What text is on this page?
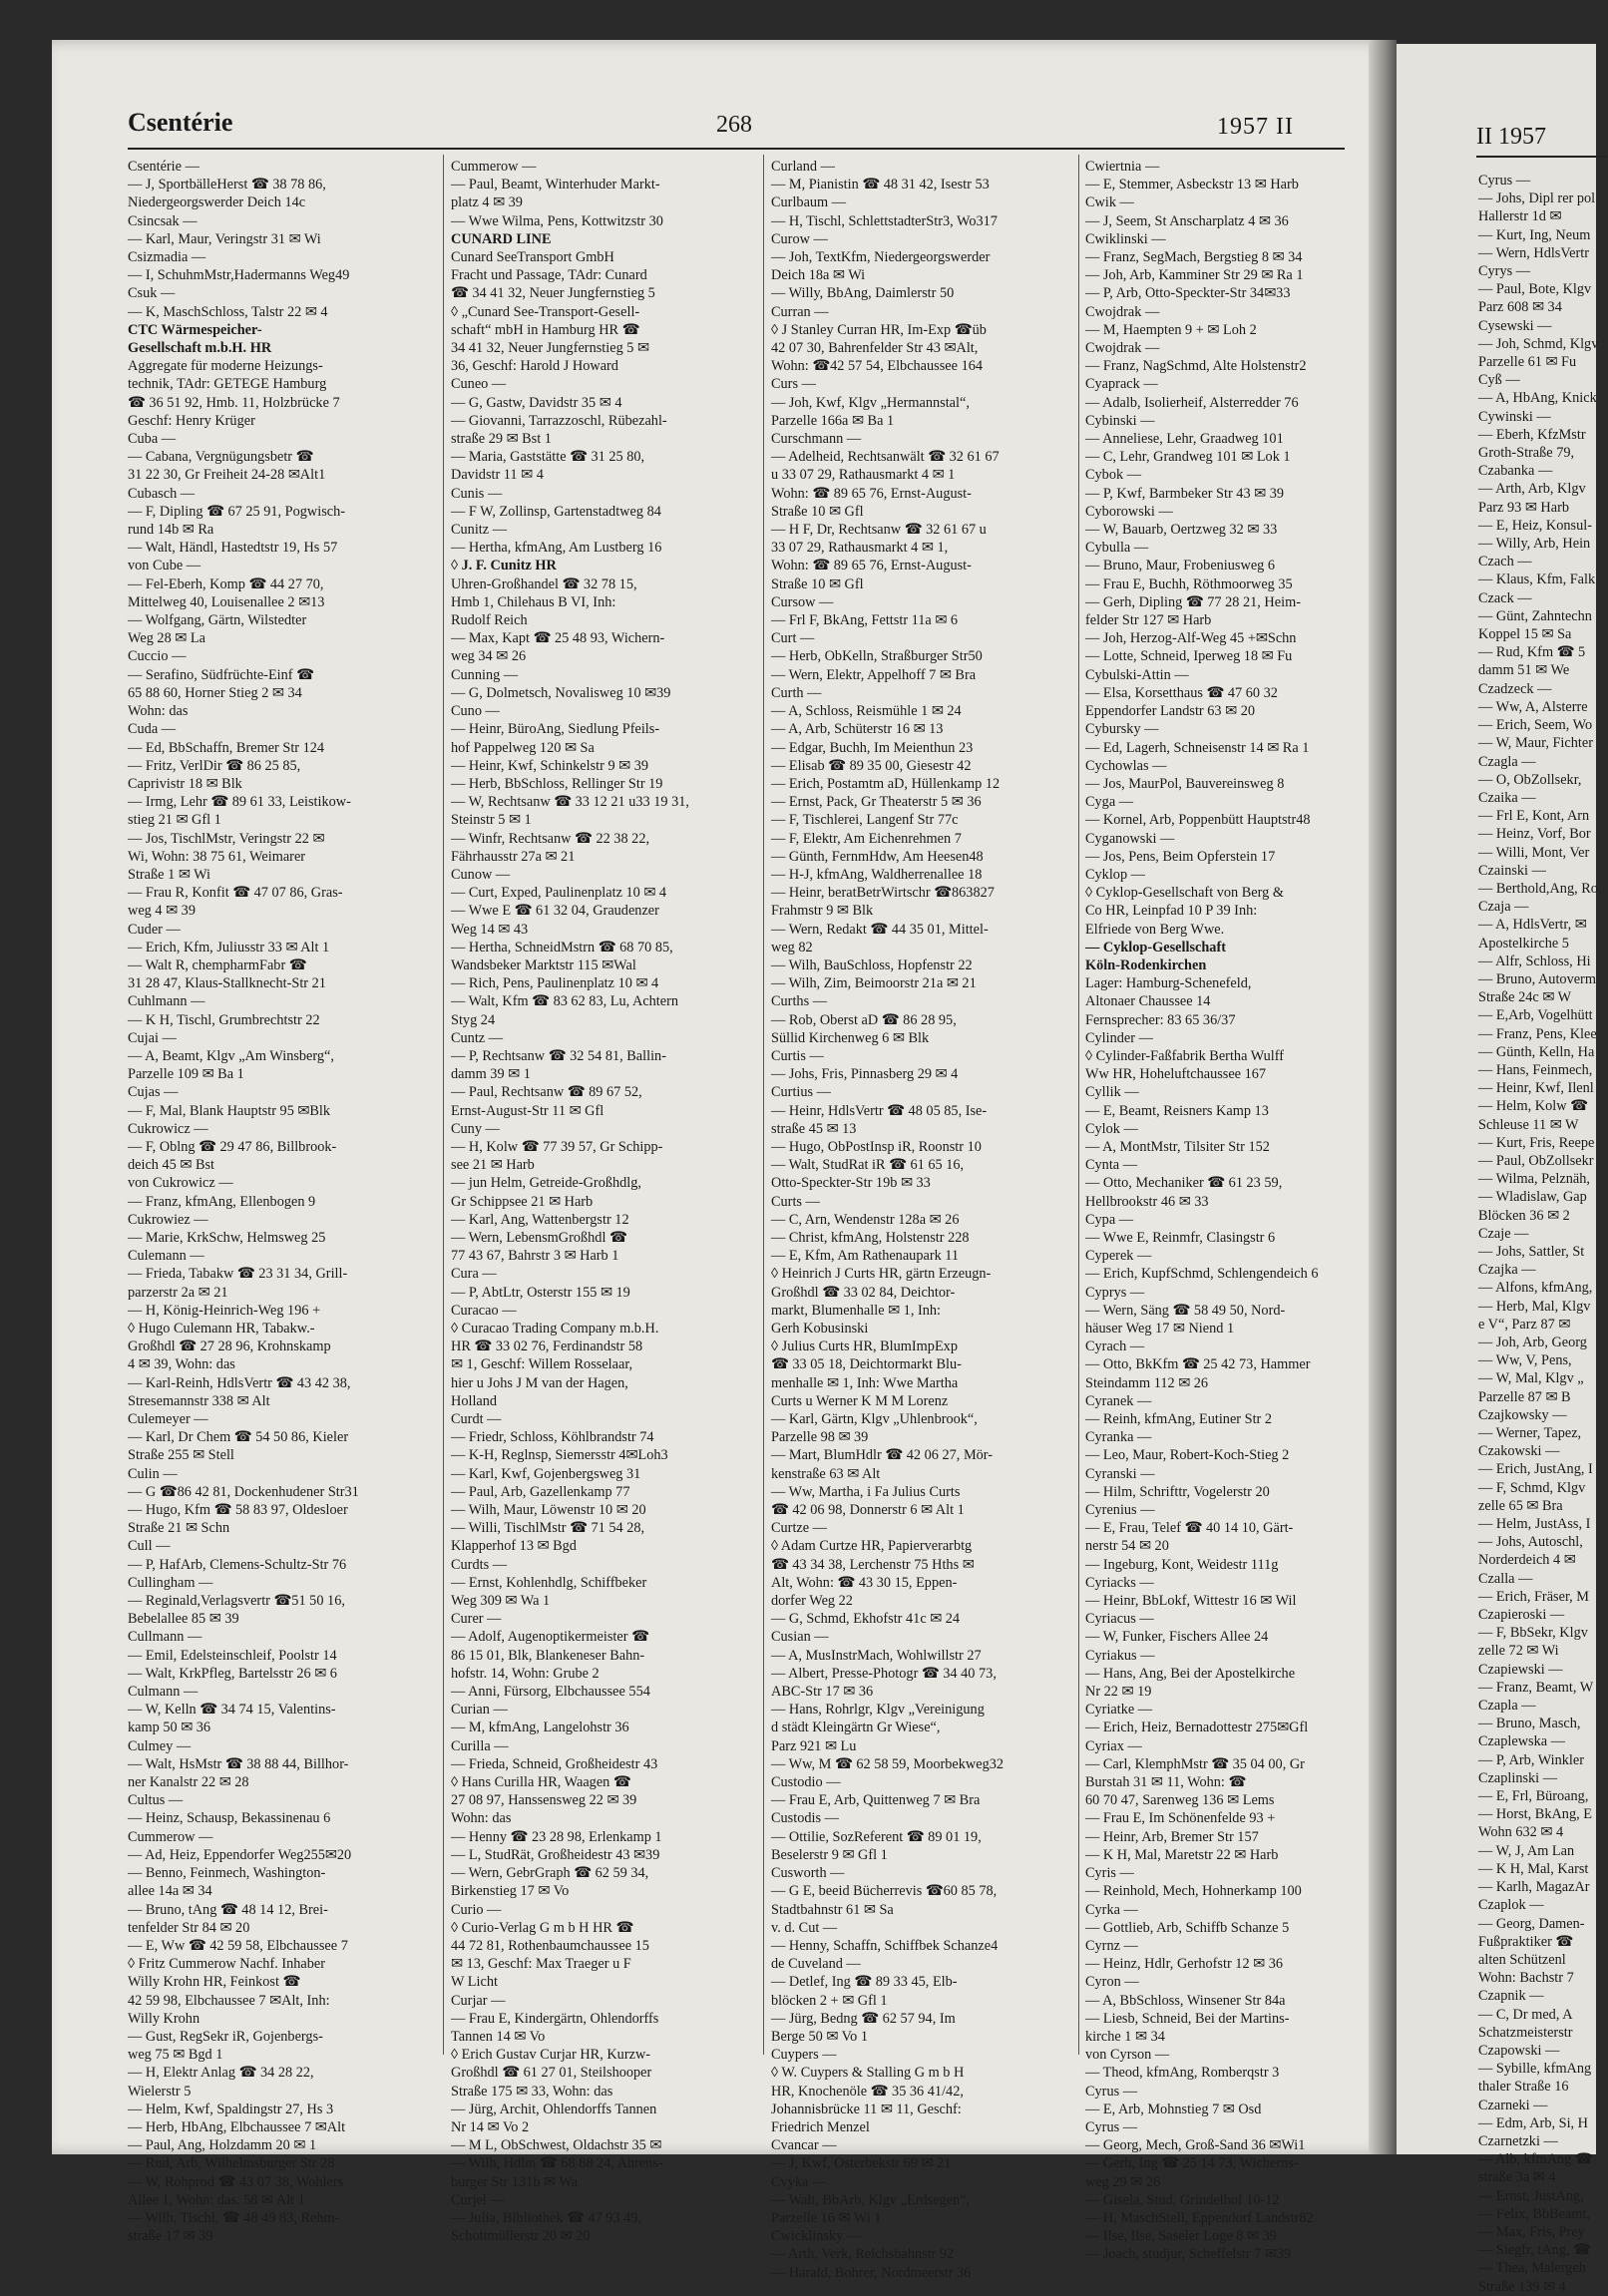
Csentérie	268	1957 II
Csentérie —
— J, SportbälleHerst ☎ 38 78 86,
Niedergeorgswerder Deich 14c
Csincsak —
— Karl, Maur, Veringstr 31 ✉ Wi
Csizmadia —
— I, SchuhmMstr,Hadermanns Weg49
Csuk —
— K, MaschSchloss, Talstr 22 ✉ 4
CTC Wärmespeicher-
Gesellschaft m.b.H. HR
Aggregate für moderne Heizungs-
technik, TAdr: GETEGE Hamburg
☎ 36 51 92, Hmb. 11, Holzbrücke 7
Geschf: Henry Krüger
Cuba —
— Cabana, Vergnügungsbetr ☎
31 22 30, Gr Freiheit 24-28 ✉Alt1
Cubasch —
— F, Dipling ☎ 67 25 91, Pogwisch-
rund 14b ✉ Ra
— Walt, Händl, Hastedtstr 19, Hs 57
von Cube —
— Fel-Eberh, Komp ☎ 44 27 70,
Mittelweg 40, Louisenallee 2 ✉13
— Wolfgang, Gärtn, Wilstedter
Weg 28 ✉ La
Cuccio —
— Serafino, Südfrüchte-Einf ☎
65 88 60, Horner Stieg 2 ✉ 34
Wohn: das
Cuda —
— Ed, BbSchaffn, Bremer Str 124
— Fritz, VerlDir ☎ 86 25 85,
Caprivistr 18 ✉ Blk
— Irmg, Lehr ☎ 89 61 33, Leistikow-
stieg 21 ✉ Gfl 1
— Jos, TischlMstr, Veringstr 22 ✉
Wi, Wohn: 38 75 61, Weimarer
Straße 1 ✉ Wi
— Frau R, Konfit ☎ 47 07 86, Gras-
weg 4 ✉ 39
Cuder —
— Erich, Kfm, Juliusstr 33 ✉ Alt 1
— Walt R, chempharmFabr ☎
31 28 47, Klaus-Stallknecht-Str 21
Cuhlmann —
— K H, Tischl, Grumbrechtstr 22
Cujai —
— A, Beamt, Klgv „Am Winsberg“,
Parzelle 109 ✉ Ba 1
Cujas —
— F, Mal, Blank Hauptstr 95 ✉Blk
Cukrowicz —
— F, Oblng ☎ 29 47 86, Billbrook-
deich 45 ✉ Bst
von Cukrowicz —
— Franz, kfmAng, Ellenbogen 9
Cukrowiez —
— Marie, KrkSchw, Helmsweg 25
Culemann —
— Frieda, Tabakw ☎ 23 31 34, Grill-
parzerstr 2a ✉ 21
— H, König-Heinrich-Weg 196 +
◊ Hugo Culemann HR, Tabakw.-
Großhdl ☎ 27 28 96, Krohnskamp
4 ✉ 39, Wohn: das
— Karl-Reinh, HdlsVertr ☎ 43 42 38,
Stresemannstr 338 ✉ Alt
Culemeyer —
— Karl, Dr Chem ☎ 54 50 86, Kieler
Straße 255 ✉ Stell
Culin —
— G ☎86 42 81, Dockenhudener Str31
— Hugo, Kfm ☎ 58 83 97, Oldesloer
Straße 21 ✉ Schn
Cull —
— P, HafArb, Clemens-Schultz-Str 76
Cullingham —
— Reginald,Verlagsvertr ☎51 50 16,
Bebelallee 85 ✉ 39
Cullmann —
— Emil, Edelsteinschleif, Poolstr 14
— Walt, KrkPfleg, Bartelsstr 26 ✉ 6
Culmann —
— W, Kelln ☎ 34 74 15, Valentins-
kamp 50 ✉ 36
Culmey —
— Walt, HsMstr ☎ 38 88 44, Billhor-
ner Kanalstr 22 ✉ 28
Cultus —
— Heinz, Schausp, Bekassinenau 6
Cummerow —
— Ad, Heiz, Eppendorfer Weg255✉20
— Benno, Feinmech, Washington-
allee 14a ✉ 34
— Bruno, tAng ☎ 48 14 12, Brei-
tenfelder Str 84 ✉ 20
— E, Ww ☎ 42 59 58, Elbchaussee 7
◊ Fritz Cummerow Nachf. Inhaber
Willy Krohn HR, Feinkost ☎
42 59 98, Elbchaussee 7 ✉Alt, Inh:
Willy Krohn
— Gust, RegSekr iR, Gojenbergs-
weg 75 ✉ Bgd 1
— H, Elektr Anlag ☎ 34 28 22,
Wielerstr 5
— Helm, Kwf, Spaldingstr 27, Hs 3
— Herb, HbAng, Elbchaussee 7 ✉Alt
— Paul, Ang, Holzdamm 20 ✉ 1
— Rud, Arb, Wilhelmsburger Str 28
— W, Rohprod ☎ 43 07 38, Wohlers
Allee 1, Wohn: das. 58 ✉ Alt 1
— Wilh, Tischl, ☎ 48 49 83, Rehm-
straße 17 ✉ 39
Cummerow —
— Paul, Beamt, Winterhuder Markt-
platz 4 ✉ 39
— Wwe Wilma, Pens, Kottwitzstr 30
CUNARD LINE
Cunard SeeTransport GmbH
Fracht und Passage, TAdr: Cunard
☎ 34 41 32, Neuer Jungfernstieg 5
◊ „Cunard See-Transport-Gesell-
schaft“ mbH in Hamburg HR ☎
34 41 32, Neuer Jungfernstieg 5 ✉
36, Geschf: Harold J Howard
Cuneo —
— G, Gastw, Davidstr 35 ✉ 4
— Giovanni, Tarrazzoschl, Rübezahl-
straße 29 ✉ Bst 1
— Maria, Gaststätte ☎ 31 25 80,
Davidstr 11 ✉ 4
Cunis —
— F W, Zollinsp, Gartenstadtweg 84
Cunitz —
— Hertha, kfmAng, Am Lustberg 16
◊ J. F. Cunitz HR
Uhren-Großhandel ☎ 32 78 15,
Hmb 1, Chilehaus B VI, Inh:
Rudolf Reich
— Max, Kapt ☎ 25 48 93, Wichern-
weg 34 ✉ 26
Cunning —
— G, Dolmetsch, Novalisweg 10 ✉39
Cuno —
— Heinr, BüroAng, Siedlung Pfeils-
hof Pappelweg 120 ✉ Sa
— Heinr, Kwf, Schinkelstr 9 ✉ 39
— Herb, BbSchloss, Rellinger Str 19
— W, Rechtsanw ☎ 33 12 21 u33 19 31,
Steinstr 5 ✉ 1
— Winfr, Rechtsanw ☎ 22 38 22,
Fährhausstr 27a ✉ 21
Cunow —
— Curt, Exped, Paulinenplatz 10 ✉ 4
— Wwe E ☎ 61 32 04, Graudenzer
Weg 14 ✉ 43
— Hertha, SchneidMstrn ☎ 68 70 85,
Wandsbeker Marktstr 115 ✉Wal
— Rich, Pens, Paulinenplatz 10 ✉ 4
— Walt, Kfm ☎ 83 62 83, Lu, Achtern
Styg 24
Cuntz —
— P, Rechtsanw ☎ 32 54 81, Ballin-
damm 39 ✉ 1
— Paul, Rechtsanw ☎ 89 67 52,
Ernst-August-Str 11 ✉ Gfl
Cuny —
— H, Kolw ☎ 77 39 57, Gr Schipp-
see 21 ✉ Harb
— jun Helm, Getreide-Großhdlg,
Gr Schippsee 21 ✉ Harb
— Karl, Ang, Wattenbergstr 12
— Wern, LebensmGroßhdl ☎
77 43 67, Bahrstr 3 ✉ Harb 1
Cura —
— P, AbtLtr, Osterstr 155 ✉ 19
Curacao —
◊ Curacao Trading Company m.b.H.
HR ☎ 33 02 76, Ferdinandstr 58
✉ 1, Geschf: Willem Rosselaar,
hier u Johs J M van der Hagen,
Holland
Curdt —
— Friedr, Schloss, Köhlbrandstr 74
— K-H, Reglnsp, Siemersstr 4✉Loh3
— Karl, Kwf, Gojenbergsweg 31
— Paul, Arb, Gazellenkamp 77
— Wilh, Maur, Löwenstr 10 ✉ 20
— Willi, TischlMstr ☎ 71 54 28,
Klapperhof 13 ✉ Bgd
Curdts —
— Ernst, Kohlenhdlg, Schiffbeker
Weg 309 ✉ Wa 1
Curer —
— Adolf, Augenoptikermeister ☎
86 15 01, Blk, Blankeneser Bahn-
hofstr. 14, Wohn: Grube 2
— Anni, Fürsorg, Elbchaussee 554
Curian —
— M, kfmAng, Langelohstr 36
Curilla —
— Frieda, Schneid, Großheidestr 43
◊ Hans Curilla HR, Waagen ☎
27 08 97, Hanssensweg 22 ✉ 39
Wohn: das
— Henny ☎ 23 28 98, Erlenkamp 1
— L, StudRät, Großheidestr 43 ✉39
— Wern, GebrGraph ☎ 62 59 34,
Birkenstieg 17 ✉ Vo
Curio —
◊ Curio-Verlag G m b H HR ☎
44 72 81, Rothenbaumchaussee 15
✉ 13, Geschf: Max Traeger u F
W Licht
Curjar —
— Frau E, Kindergärtn, Ohlendorffs
Tannen 14 ✉ Vo
◊ Erich Gustav Curjar HR, Kurzw-
Großhdl ☎ 61 27 01, Steilshooper
Straße 175 ✉ 33, Wohn: das
— Jürg, Archit, Ohlendorffs Tannen
Nr 14 ✉ Vo 2
— M L, ObSchwest, Oldachstr 35 ✉
— Wilh, Hdlm ☎ 68 88 24, Ahrens-
burger Str 131b ✉ Wa
Curjel —
— Julia, Bibliothek ☎ 47 93 49,
Schottmüllerstr 20 ✉ 20
Curland —
— M, Pianistin ☎ 48 31 42, Isestr 53
Curlbaum —
— H, Tischl, SchlettstadterStr3, Wo317
Curow —
— Joh, TextKfm, Niedergeorgswerder
Deich 18a ✉ Wi
— Willy, BbAng, Daimlerstr 50
Curran —
◊ J Stanley Curran HR, Im-Exp ☎üb
42 07 30, Bahrenfelder Str 43 ✉Alt,
Wohn: ☎42 57 54, Elbchaussee 164
Curs —
— Joh, Kwf, Klgv „Hermannstal“,
Parzelle 166a ✉ Ba 1
Curschmann —
— Adelheid, Rechtsanwält ☎ 32 61 67
u 33 07 29, Rathausmarkt 4 ✉ 1
Wohn: ☎ 89 65 76, Ernst-August-
Straße 10 ✉ Gfl
— H F, Dr, Rechtsanw ☎ 32 61 67 u
33 07 29, Rathausmarkt 4 ✉ 1,
Wohn: ☎ 89 65 76, Ernst-August-
Straße 10 ✉ Gfl
Cursow —
— Frl F, BkAng, Fettstr 11a ✉ 6
Curt —
— Herb, ObKelln, Straßburger Str50
— Wern, Elektr, Appelhoff 7 ✉ Bra
Curth —
— A, Schloss, Reismühle 1 ✉ 24
— A, Arb, Schüterstr 16 ✉ 13
— Edgar, Buchh, Im Meienthun 23
— Elisab ☎ 89 35 00, Giesestr 42
— Erich, Postamtm aD, Hüllenkamp 12
— Ernst, Pack, Gr Theaterstr 5 ✉ 36
— F, Tischlerei, Langenf Str 77c
— F, Elektr, Am Eichenrehmen 7
— Günth, FernmHdw, Am Heesen48
— H-J, kfmAng, Waldherrenallee 18
— Heinr, beratBetrWirtschr ☎863827
Frahmstr 9 ✉ Blk
— Wern, Redakt ☎ 44 35 01, Mittel-
weg 82
— Wilh, BauSchloss, Hopfenstr 22
— Wilh, Zim, Beimoorstr 21a ✉ 21
Curths —
— Rob, Oberst aD ☎ 86 28 95,
Süllid Kirchenweg 6 ✉ Blk
Curtis —
— Johs, Fris, Pinnasberg 29 ✉ 4
Curtius —
— Heinr, HdlsVertr ☎ 48 05 85, Ise-
straße 45 ✉ 13
— Hugo, ObPostInsp iR, Roonstr 10
— Walt, StudRat iR ☎ 61 65 16,
Otto-Speckter-Str 19b ✉ 33
Curts —
— C, Arn, Wendenstr 128a ✉ 26
— Christ, kfmAng, Holstenstr 228
— E, Kfm, Am Rathenaupark 11
◊ Heinrich J Curts HR, gärtn Erzeugn-
Großhdl ☎ 33 02 84, Deichtor-
markt, Blumenhalle ✉ 1, Inh:
Gerh Kobusinski
◊ Julius Curts HR, BlumImpExp
☎ 33 05 18, Deichtormarkt Blu-
menhalle ✉ 1, Inh: Wwe Martha
Curts u Werner K M M Lorenz
— Karl, Gärtn, Klgv „Uhlenbrook“,
Parzelle 98 ✉ 39
— Mart, BlumHdlr ☎ 42 06 27, Mör-
kenstraße 63 ✉ Alt
— Ww, Martha, i Fa Julius Curts
☎ 42 06 98, Donnerstr 6 ✉ Alt 1
Curtze —
◊ Adam Curtze HR, Papierverarbtg
☎ 43 34 38, Lerchenstr 75 Hths ✉
Alt, Wohn: ☎ 43 30 15, Eppen-
dorfer Weg 22
— G, Schmd, Ekhofstr 41c ✉ 24
Cusian —
— A, MusInstrMach, Wohlwillstr 27
— Albert, Presse-Photogr ☎ 34 40 73,
ABC-Str 17 ✉ 36
— Hans, Rohrlgr, Klgv „Vereinigung
d städt Kleingärtn Gr Wiese“,
Parz 921 ✉ Lu
— Ww, M ☎ 62 58 59, Moorbekweg32
Custodio —
— Frau E, Arb, Quittenweg 7 ✉ Bra
Custodis —
— Ottilie, SozReferent ☎ 89 01 19,
Beselerstr 9 ✉ Gfl 1
Cusworth —
— G E, beeid Bücherrevis ☎60 85 78,
Stadtbahnstr 61 ✉ Sa
v. d. Cut —
— Henny, Schaffn, Schiffbek Schanze4
de Cuveland —
— Detlef, Ing ☎ 89 33 45, Elb-
blöcken 2 + ✉ Gfl 1
— Jürg, Bedng ☎ 62 57 94, Im
Berge 50 ✉ Vo 1
Cuypers —
◊ W. Cuypers & Stalling G m b H
HR, Knochenöle ☎ 35 36 41/42,
Johannisbrücke 11 ✉ 11, Geschf:
Friedrich Menzel
Cvancar —
— J, Kwf, Osterbekstr 69 ✉ 21
Cvyka —
— Walt, BbArb, Klgv „Erdsegen“,
Parzelle 16 ✉ Wi 1
Cwicklinsky —
— Arth, Verk, Reichsbahnstr 92
— Harald, Bohrer, Nordmeerstr 36
Cwiertnia —
— E, Stemmer, Asbeckstr 13 ✉ Harb
Cwik —
— J, Seem, St Anscharplatz 4 ✉ 36
Cwiklinski —
— Franz, SegMach, Bergstieg 8 ✉ 34
— Joh, Arb, Kamminer Str 29 ✉ Ra 1
— P, Arb, Otto-Speckter-Str 34✉33
Cwojdrak —
— M, Haempten 9 + ✉ Loh 2
Cwojdrak —
— Franz, NagSchmd, Alte Holstenstr2
Cyaprack —
— Adalb, Isolierheif, Alsterredder 76
Cybinski —
— Anneliese, Lehr, Graadweg 101
— C, Lehr, Grandweg 101 ✉ Lok 1
Cybok —
— P, Kwf, Barmbeker Str 43 ✉ 39
Cyborowski —
— W, Bauarb, Oertzweg 32 ✉ 33
Cybulla —
— Bruno, Maur, Frobeniusweg 6
— Frau E, Buchh, Röthmoorweg 35
— Gerh, Dipling ☎ 77 28 21, Heim-
felder Str 127 ✉ Harb
— Joh, Herzog-Alf-Weg 45 +✉Schn
— Lotte, Schneid, Iperweg 18 ✉ Fu
Cybulski-Attin —
— Elsa, Korsetthaus ☎ 47 60 32
Eppendorfer Landstr 63 ✉ 20
Cybursky —
— Ed, Lagerh, Schneisenstr 14 ✉ Ra 1
Cychowlas —
— Jos, MaurPol, Bauvereinsweg 8
Cyga —
— Kornel, Arb, Poppenbütt Hauptstr48
Cyganowski —
— Jos, Pens, Beim Opferstein 17
Cyklop —
◊ Cyklop-Gesellschaft von Berg &
Co HR, Leinpfad 10 P 39 Inh:
Elfriede von Berg Wwe.
— Cyklop-Gesellschaft
Köln-Rodenkirchen
Lager: Hamburg-Schenefeld,
Altonaer Chaussee 14
Fernsprecher: 83 65 36/37
Cylinder —
◊ Cylinder-Faßfabrik Bertha Wulff
Ww HR, Hoheluftchaussee 167
Cyllik —
— E, Beamt, Reisners Kamp 13
Cylok —
— A, MontMstr, Tilsiter Str 152
Cynta —
— Otto, Mechaniker ☎ 61 23 59,
Hellbrookstr 46 ✉ 33
Cypa —
— Wwe E, Reinmfr, Clasingstr 6
Cyperek —
— Erich, KupfSchmd, Schlengendeich 6
Cyprys —
— Wern, Säng ☎ 58 49 50, Nord-
häuser Weg 17 ✉ Niend 1
Cyrach —
— Otto, BkKfm ☎ 25 42 73, Hammer
Steindamm 112 ✉ 26
Cyranek —
— Reinh, kfmAng, Eutiner Str 2
Cyranka —
— Leo, Maur, Robert-Koch-Stieg 2
Cyranski —
— Hilm, Schrifttr, Vogelerstr 20
Cyrenius —
— E, Frau, Telef ☎ 40 14 10, Gärt-
nerstr 54 ✉ 20
— Ingeburg, Kont, Weidestr 111g
Cyriacks —
— Heinr, BbLokf, Wittestr 16 ✉ Wil
Cyriacus —
— W, Funker, Fischers Allee 24
Cyriakus —
— Hans, Ang, Bei der Apostelkirche
Nr 22 ✉ 19
Cyriatke —
— Erich, Heiz, Bernadottestr 275✉Gfl
Cyriax —
— Carl, KlemphMstr ☎ 35 04 00, Gr
Burstah 31 ✉ 11, Wohn: ☎
60 70 47, Sarenweg 136 ✉ Lems
— Frau E, Im Schönenfelde 93 +
— Heinr, Arb, Bremer Str 157
— K H, Mal, Maretstr 22 ✉ Harb
Cyris —
— Reinhold, Mech, Hohnerkamp 100
Cyrka —
— Gottlieb, Arb, Schiffb Schanze 5
Cyrnz —
— Heinz, Hdlr, Gerhofstr 12 ✉ 36
Cyron —
— A, BbSchloss, Winsener Str 84a
— Liesb, Schneid, Bei der Martins-
kirche 1 ✉ 34
von Cyrson —
— Theod, kfmAng, Romberqstr 3
Cyrus —
— E, Arb, Mohnstieg 7 ✉ Osd
Cyrus —
— Georg, Mech, Groß-Sand 36 ✉Wi1
— Gerh, Ing ☎ 25 14 73, Wicherns-
weg 29 ✉ 26
— Gisela, Stud, Grindelhof 10-12
— H, MaschStell, Eppendorf Landstr82
— Ilse, Ilse, Saseler Loge 8 ✉ 39
— Joach, studjur, Scheffelstr 7 ✉39
II 1957
Cyrus —
— Johs, Dipl rer pol
Hallerstr 1d ✉
— Kurt, Ing, Neum
— Wern, HdlsVertr
Cyrys —
— Paul, Bote, Klgv
Parz 608 ✉ 34
Cysewski —
— Joh, Schmd, Klgv
Parzelle 61 ✉ Fu
Cyß —
— A, HbAng, Knick
Cywinski —
— Eberh, KfzMstr
Groth-Straße 79,
Czabanka —
— Arth, Arb, Klgv
Parz 93 ✉ Harb
— E, Heiz, Konsul-
— Willy, Arb, Hein
Czach —
— Klaus, Kfm, Falk
Czack —
— Günt, Zahntechn
Koppel 15 ✉ Sa
— Rud, Kfm ☎ 5
damm 51 ✉ We
Czadzeck —
— Ww, A, Alsterre
— Erich, Seem, Wo
— W, Maur, Fichter
Czagla —
— O, ObZollsekr,
Czaika —
— Frl E, Kont, Arn
— Heinz, Vorf, Bor
— Willi, Mont, Ver
Czainski —
— Berthold,Ang, Ro
Czaja —
— A, HdlsVertr, ✉
Apostelkirche 5
— Alfr, Schloss, Hi
— Bruno, Autoverm
Straße 24c ✉ W
— E,Arb, Vogelhütt
— Franz, Pens, Klee
— Günth, Kelln, Ha
— Hans, Feinmech,
— Heinr, Kwf, Ilenl
— Helm, Kolw ☎
Schleuse 11 ✉ W
— Kurt, Fris, Reepe
— Paul, ObZollsekr
— Wilma, Pelznäh,
— Wladislaw, Gap
Blöcken 36 ✉ 2
Czaje —
— Johs, Sattler, St
Czajka —
— Alfons, kfmAng,
— Herb, Mal, Klgv
e V“, Parz 87 ✉
— Joh, Arb, Georg
— Ww, V, Pens,
— W, Mal, Klgv „
Parzelle 87 ✉ B
Czajkowsky —
— Werner, Tapez,
Czakowski —
— Erich, JustAng, I
— F, Schmd, Klgv
zelle 65 ✉ Bra
— Helm, JustAss, I
— Johs, Autoschl,
Norderdeich 4 ✉
Czalla —
— Erich, Fräser, M
Czapieroski —
— F, BbSekr, Klgv
zelle 72 ✉ Wi
Czapiewski —
— Franz, Beamt, W
Czapla —
— Bruno, Masch,
Czaplewska —
— P, Arb, Winkler
Czaplinski —
— E, Frl, Büroang,
— Horst, BkAng, E
Wohn 632 ✉ 4
— W, J, Am Lan
— K H, Mal, Karst
— Karlh, MagazAr
Czaplok —
— Georg, Damen-
Fußpraktiker ☎
alten Schützenl
Wohn: Bachstr 7
Czapnik —
— C, Dr med, A
Schatzmeisterstr
Czapowski —
— Sybille, kfmAng
thaler Straße 16
Czarneki —
— Edm, Arb, Si, H
Czarnetzki —
— Alb, kfmAng ☎
straße 3a ✉ 4
— Ernst, JustAng,
— Felix, BbBeamt,
— Max, Fris, Prey
— Siegfr, tAng, ☎
— Thea, Malergeh
Straße 139 ✉ 4
